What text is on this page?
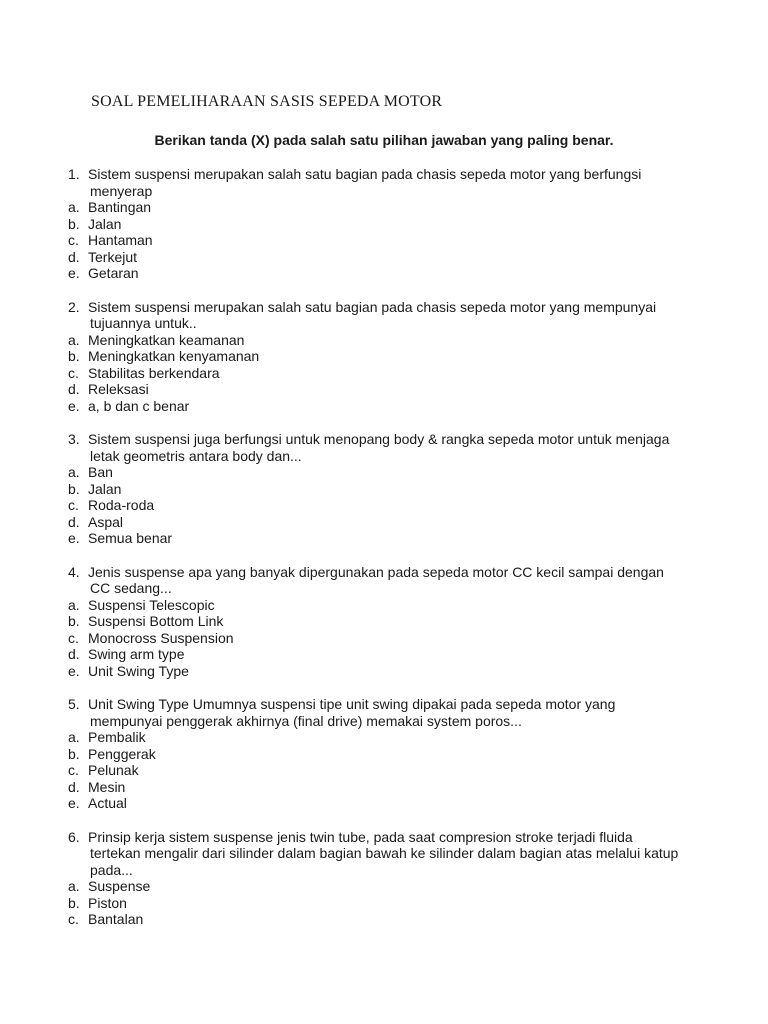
SOAL PEMELIHARAAN SASIS SEPEDA MOTOR

Berikan tanda (X) pada salah satu pilihan jawaban yang paling benar.

1. Sistem suspensi merupakan salah satu bagian pada chasis sepeda motor yang berfungsi
menyerap
a. Bantingan
b. Jalan
c. Hantaman
d. Terkejut
e. Getaran
2. Sistem suspensi merupakan salah satu bagian pada chasis sepeda motor yang mempunyai
tujuannya untuk..
a. Meningkatkan keamanan
b. Meningkatkan kenyamanan
c. Stabilitas berkendara
d. Releksasi
e. a, b dan c benar
3. Sistem suspensi juga berfungsi untuk menopang body & rangka sepeda motor untuk menjaga
letak geometris antara body dan...
a. Ban
b. Jalan
c. Roda-roda
d. Aspal
e. Semua benar
4. Jenis suspense apa yang banyak dipergunakan pada sepeda motor CC kecil sampai dengan
CC sedang...
a. Suspensi Telescopic
b. Suspensi Bottom Link
c. Monocross Suspension
d. Swing arm type
e. Unit Swing Type
5. Unit Swing Type Umumnya suspensi tipe unit swing dipakai pada sepeda motor yang
mempunyai penggerak akhirnya (final drive) memakai system poros...
a. Pembalik
b. Penggerak
c. Pelunak
d. Mesin
e. Actual
6. Prinsip kerja sistem suspense jenis twin tube, pada saat compresion stroke terjadi fluida
tertekan mengalir dari silinder dalam bagian bawah ke silinder dalam bagian atas melalui katup
pada...
a. Suspense
b. Piston
c. Bantalan
